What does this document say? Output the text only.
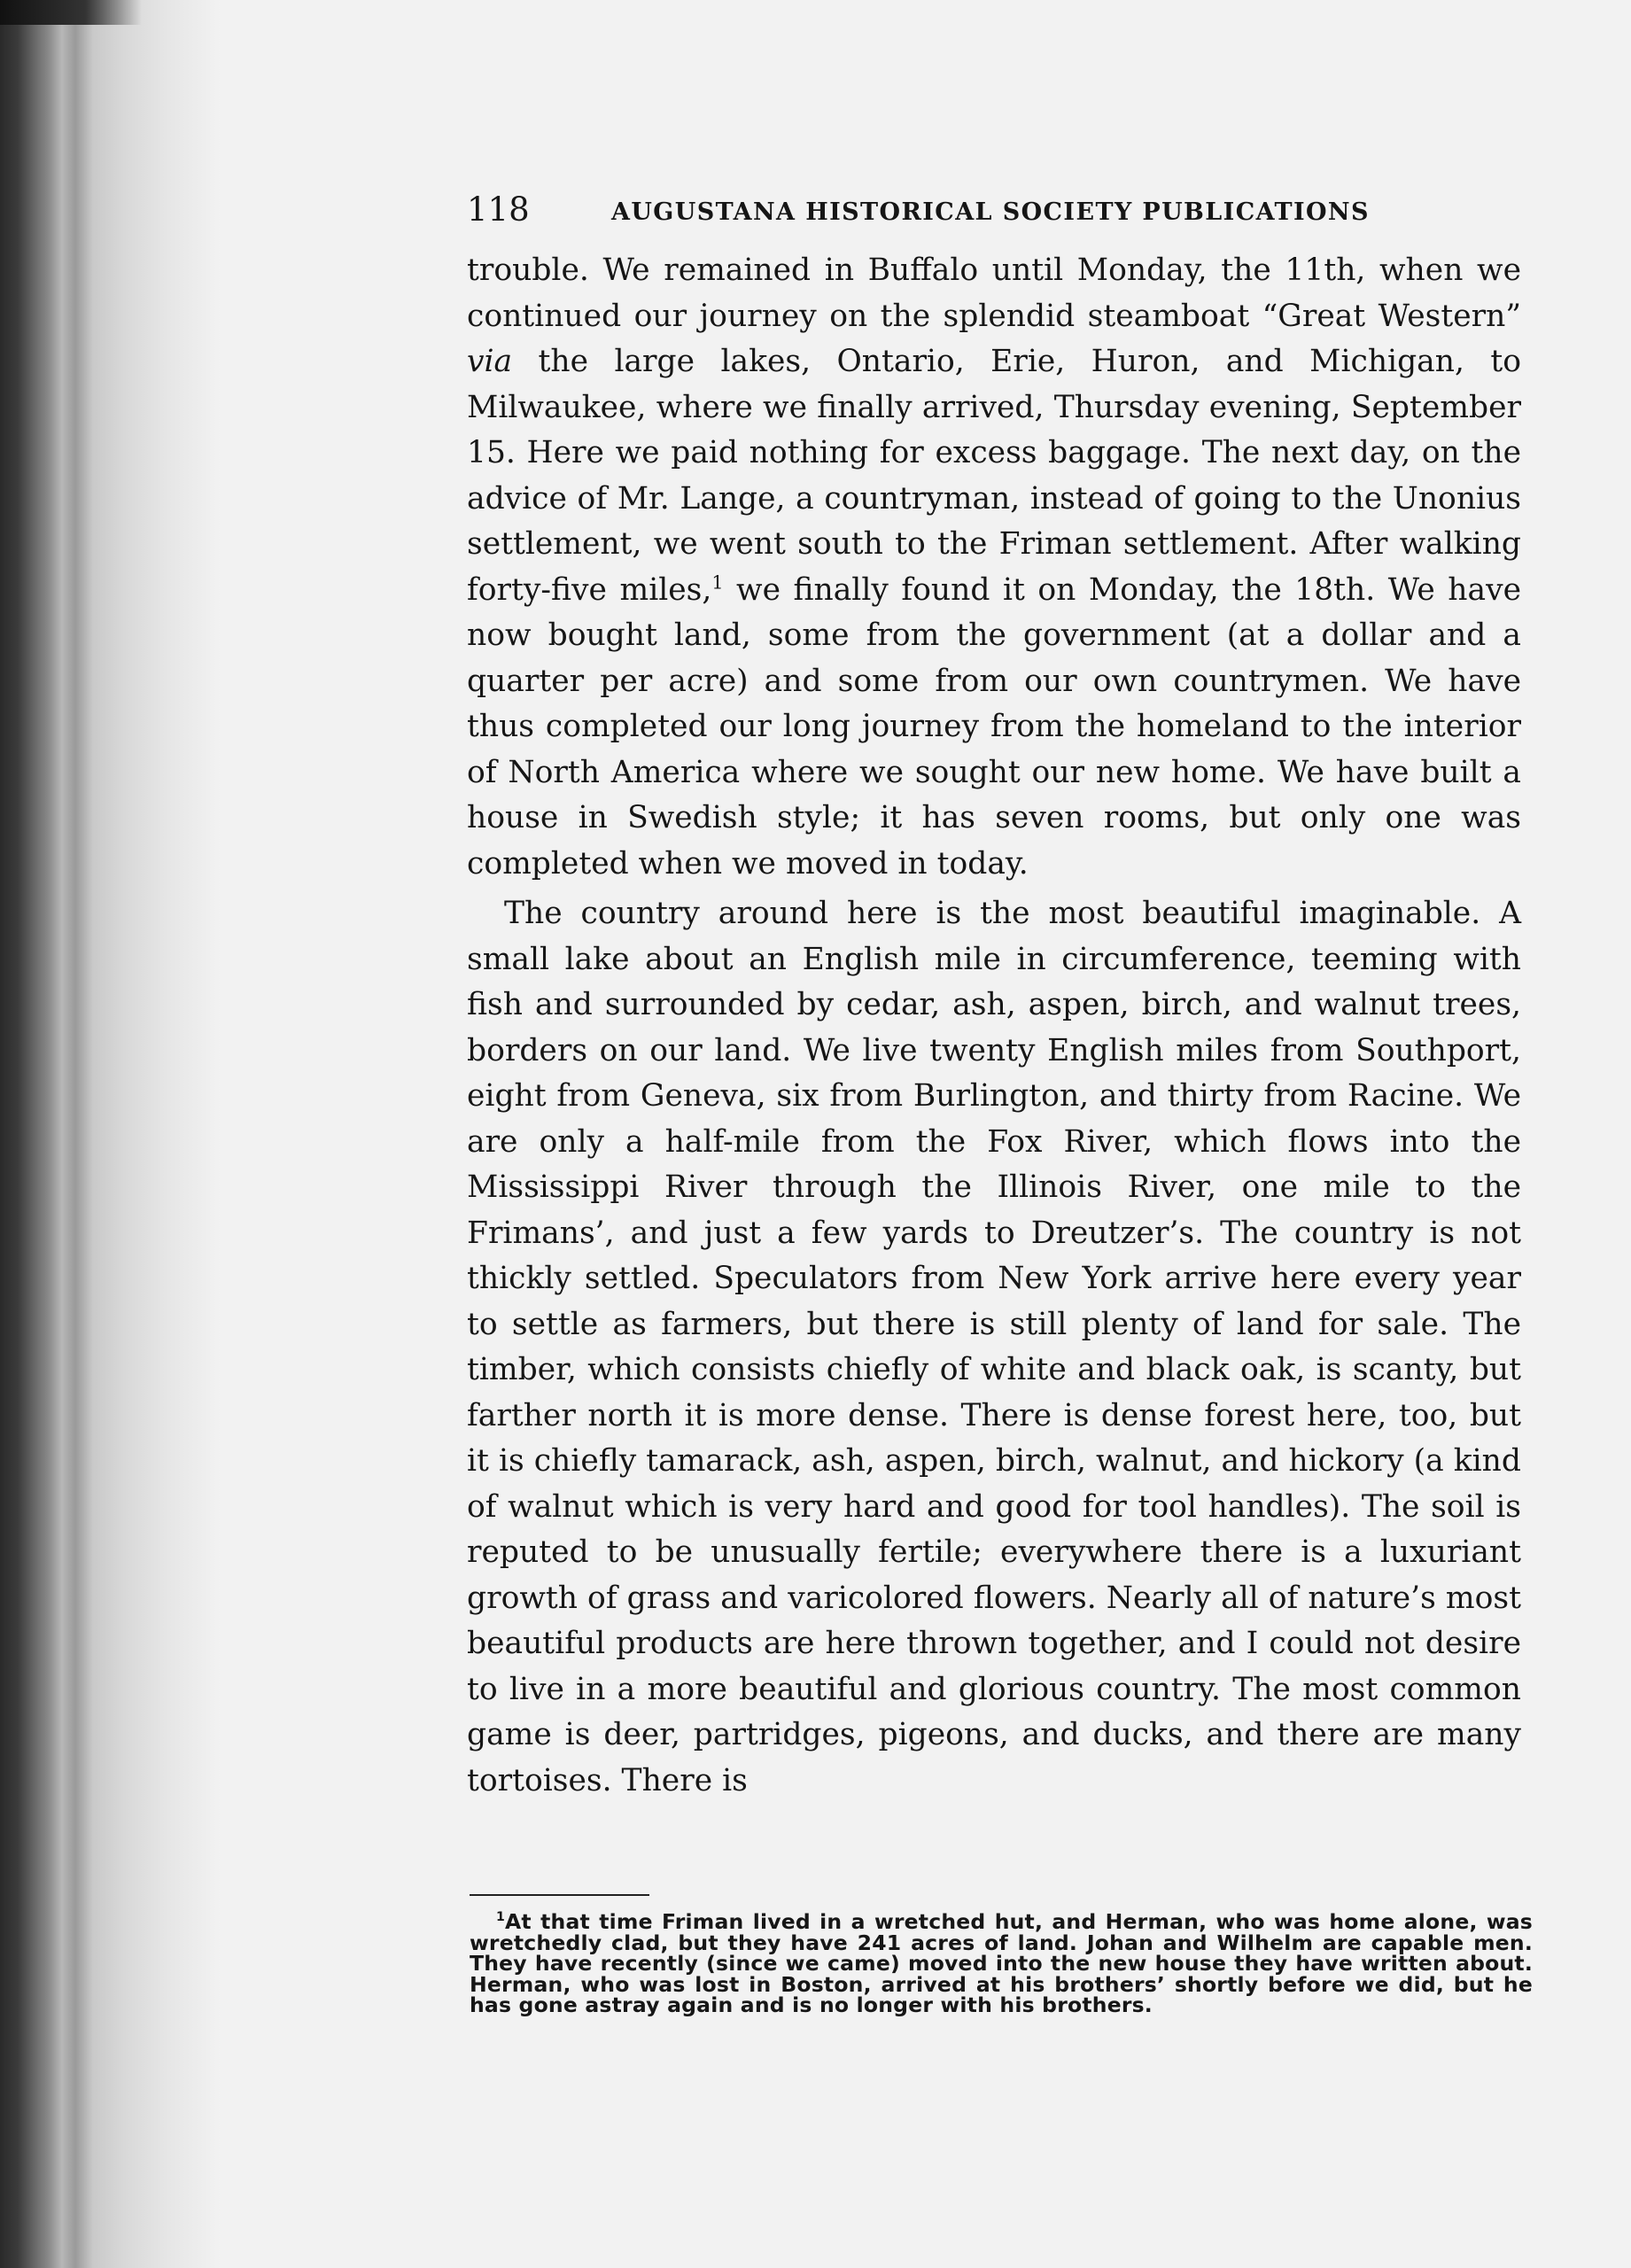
118	AUGUSTANA HISTORICAL SOCIETY PUBLICATIONS

trouble. We remained in Buffalo until Monday, the 11th, when we continued our journey on the splendid steamboat “Great Western” via the large lakes, Ontario, Erie, Huron, and Michigan, to Milwaukee, where we finally arrived, Thursday evening, September 15. Here we paid nothing for excess baggage. The next day, on the advice of Mr. Lange, a countryman, instead of going to the Unonius settlement, we went south to the Friman settlement. After walking forty-five miles,$^1$ we finally found it on Monday, the 18th. We have now bought land, some from the government (at a dollar and a quarter per acre) and some from our own countrymen. We have thus completed our long journey from the homeland to the interior of North America where we sought our new home. We have built a house in Swedish style; it has seven rooms, but only one was completed when we moved in today.

The country around here is the most beautiful imaginable. A small lake about an English mile in circumference, teeming with fish and surrounded by cedar, ash, aspen, birch, and walnut trees, borders on our land. We live twenty English miles from Southport, eight from Geneva, six from Burlington, and thirty from Racine. We are only a half-mile from the Fox River, which flows into the Mississippi River through the Illinois River, one mile to the Frimans’, and just a few yards to Dreutzer’s. The country is not thickly settled. Speculators from New York arrive here every year to settle as farmers, but there is still plenty of land for sale. The timber, which consists chiefly of white and black oak, is scanty, but farther north it is more dense. There is dense forest here, too, but it is chiefly tamarack, ash, aspen, birch, walnut, and hickory (a kind of walnut which is very hard and good for tool handles). The soil is reputed to be unusually fertile; everywhere there is a luxuriant growth of grass and varicolored flowers. Nearly all of nature’s most beautiful products are here thrown together, and I could not desire to live in a more beautiful and glorious country. The most common game is deer, partridges, pigeons, and ducks, and there are many tortoises. There is

$^1$At that time Friman lived in a wretched hut, and Herman, who was home alone, was wretchedly clad, but they have 241 acres of land. Johan and Wilhelm are capable men. They have recently (since we came) moved into the new house they have written about. Herman, who was lost in Boston, arrived at his brothers’ shortly before we did, but he has gone astray again and is no longer with his brothers.
